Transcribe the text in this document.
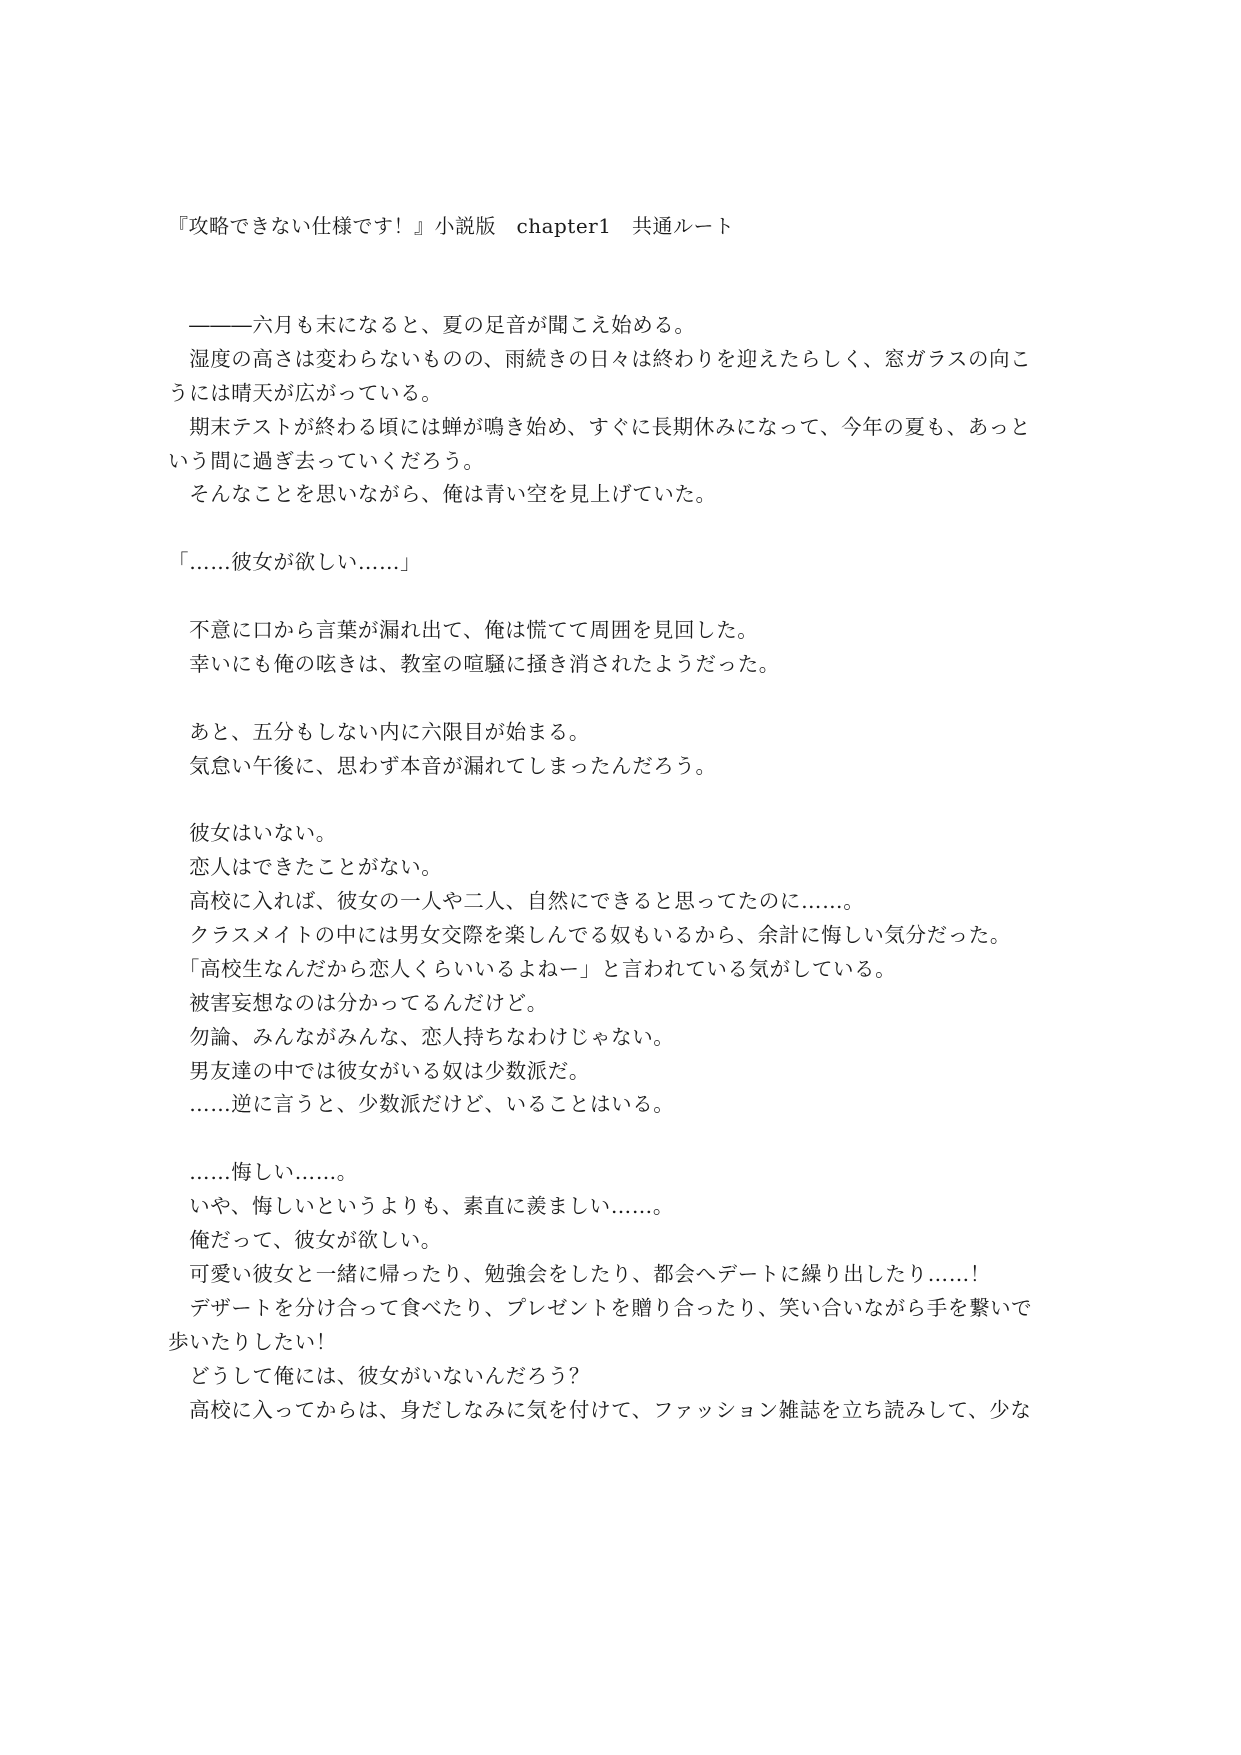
『攻略できない仕様です！』小説版　chapter1　共通ルート
　―――六月も末になると、夏の足音が聞こえ始める。
　湿度の高さは変わらないものの、雨続きの日々は終わりを迎えたらしく、窓ガラスの向こ
うには晴天が広がっている。
　期末テストが終わる頃には蝉が鳴き始め、すぐに長期休みになって、今年の夏も、あっと
いう間に過ぎ去っていくだろう。
　そんなことを思いながら、俺は青い空を見上げていた。
「……彼女が欲しい……」
　不意に口から言葉が漏れ出て、俺は慌てて周囲を見回した。
　幸いにも俺の呟きは、教室の喧騒に掻き消されたようだった。
　あと、五分もしない内に六限目が始まる。
　気怠い午後に、思わず本音が漏れてしまったんだろう。
　彼女はいない。
　恋人はできたことがない。
　高校に入れば、彼女の一人や二人、自然にできると思ってたのに……。
　クラスメイトの中には男女交際を楽しんでる奴もいるから、余計に悔しい気分だった。
　「高校生なんだから恋人くらいいるよねー」と言われている気がしている。
　被害妄想なのは分かってるんだけど。
　勿論、みんながみんな、恋人持ちなわけじゃない。
　男友達の中では彼女がいる奴は少数派だ。
　……逆に言うと、少数派だけど、いることはいる。
　……悔しい……。
　いや、悔しいというよりも、素直に羨ましい……。
　俺だって、彼女が欲しい。
　可愛い彼女と一緒に帰ったり、勉強会をしたり、都会へデートに繰り出したり……！
　デザートを分け合って食べたり、プレゼントを贈り合ったり、笑い合いながら手を繋いで
歩いたりしたい！
　どうして俺には、彼女がいないんだろう？
　高校に入ってからは、身だしなみに気を付けて、ファッション雑誌を立ち読みして、少な
